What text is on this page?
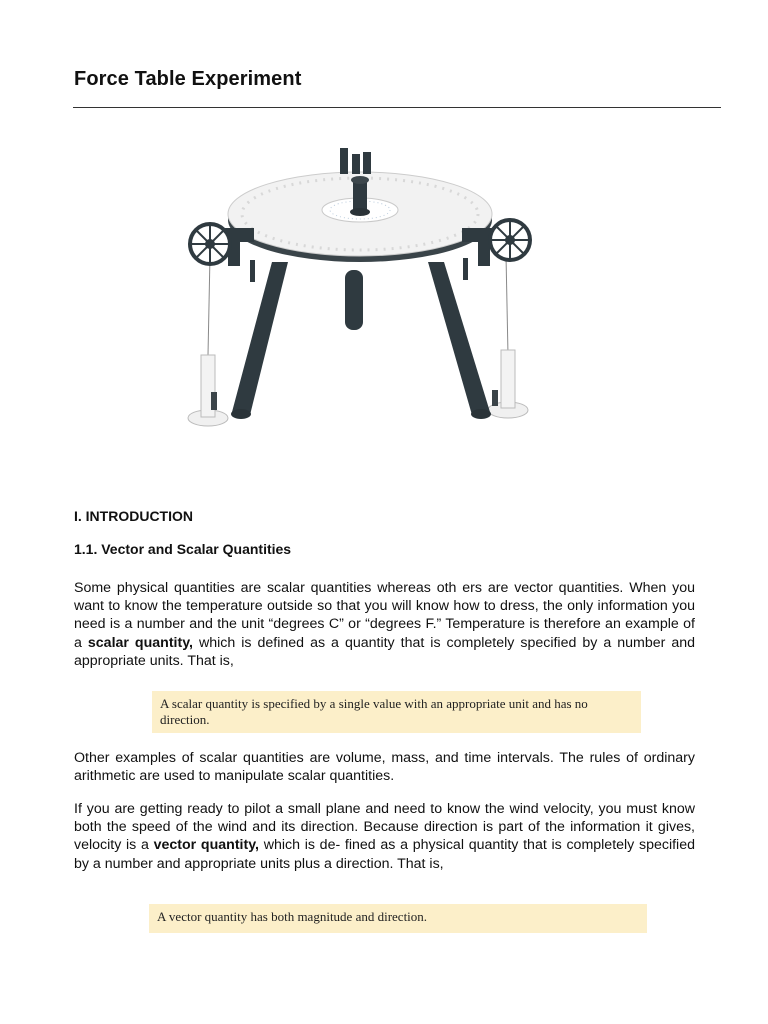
Force Table Experiment
I. INTRODUCTION
1.1. Vector and Scalar Quantities

Some physical quantities are scalar quantities whereas oth ers are vector quantities. When you want to know the temperature outside so that you will know how to dress, the only information you need is a number and the unit “degrees C” or “degrees F.” Temperature is therefore an example of a scalar quantity, which is defined as a quantity that is completely specified by a number and appropriate units. That is,

A scalar quantity is specified by a single value with an appropriate unit and has no direction.

Other examples of scalar quantities are volume, mass, and time intervals. The rules of ordinary arithmetic are used to manipulate scalar quantities.

If you are getting ready to pilot a small plane and need to know the wind velocity, you must know both the speed of the wind and its direction. Because direction is part of the information it gives, velocity is a vector quantity, which is de- fined as a physical quantity that is completely specified by a number and appropriate units plus a direction. That is,

A vector quantity has both magnitude and direction.
